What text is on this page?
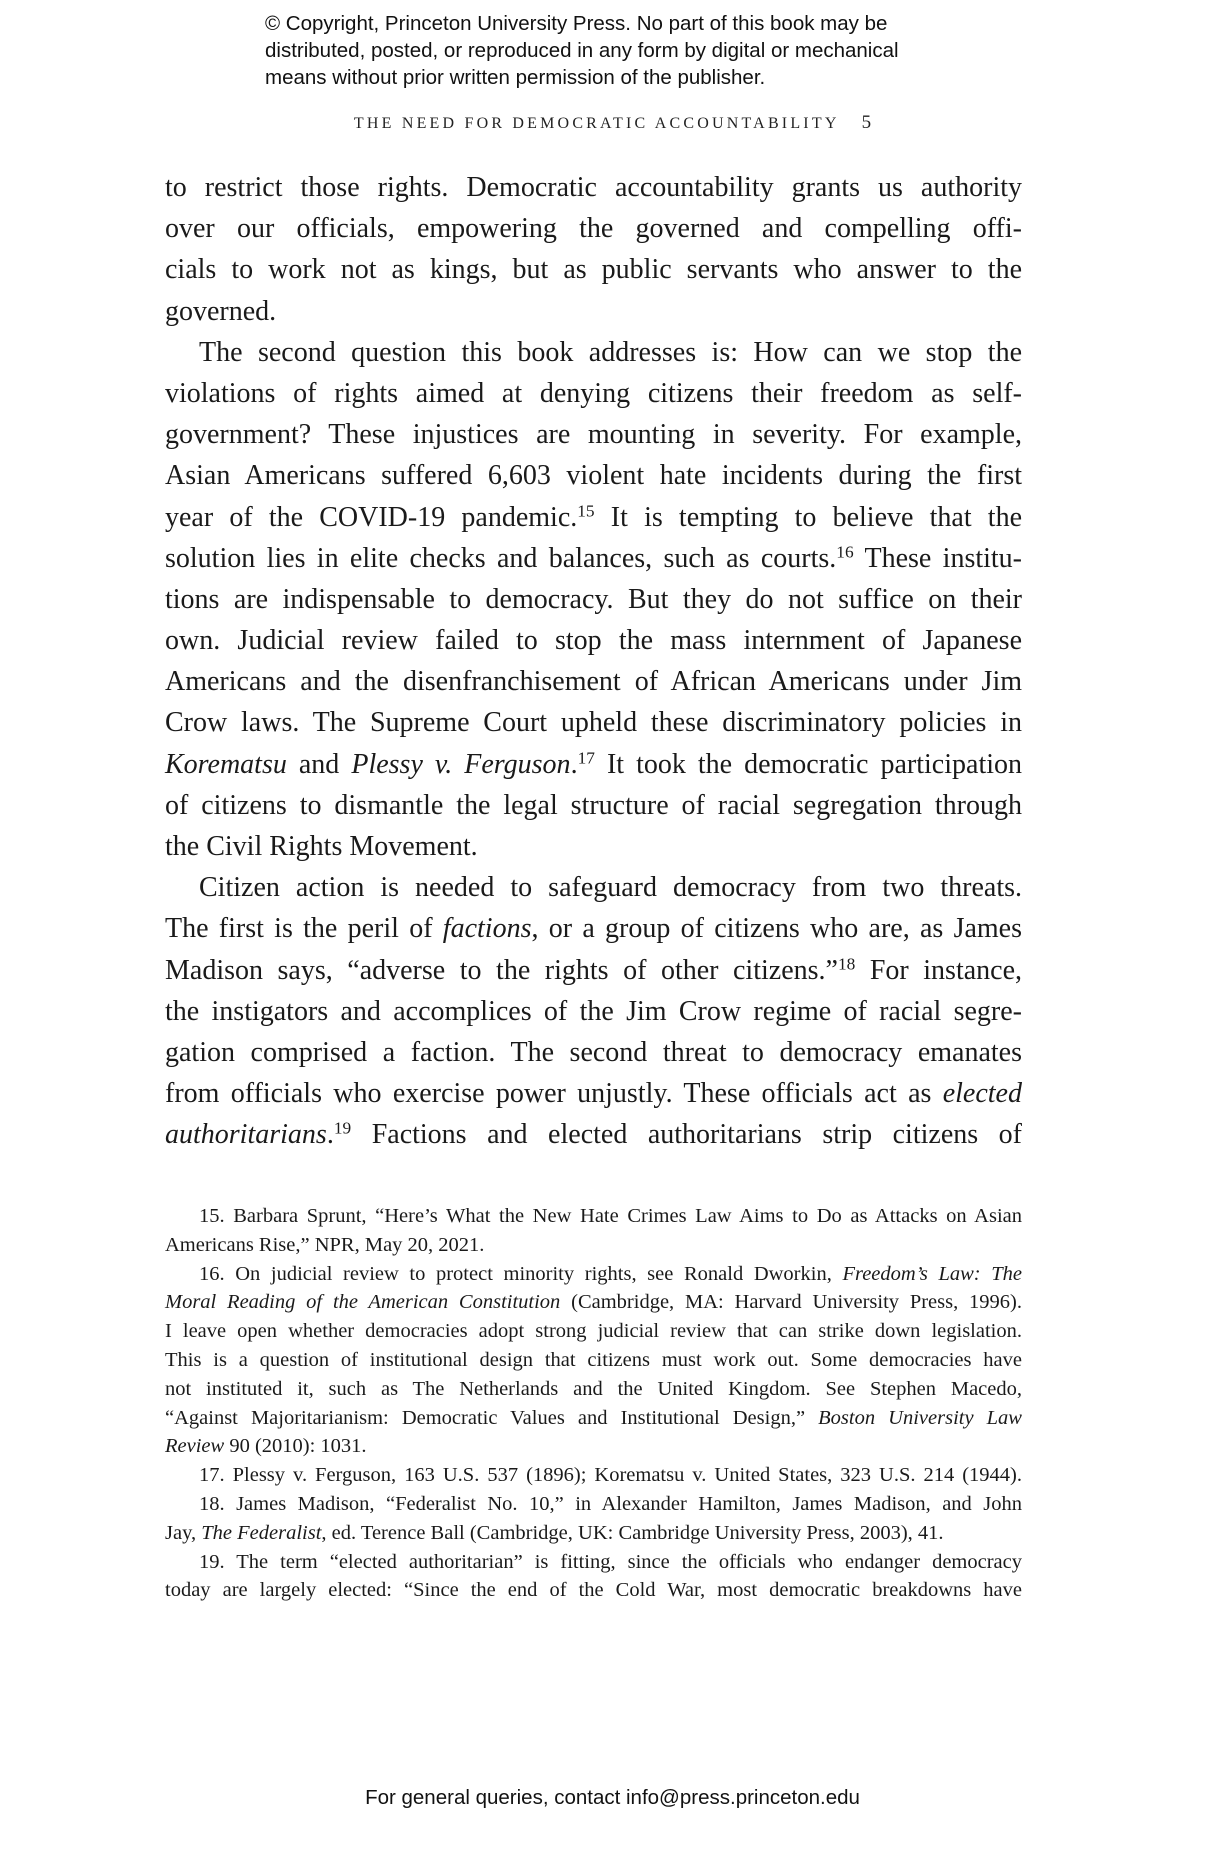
© Copyright, Princeton University Press. No part of this book may be
distributed, posted, or reproduced in any form by digital or mechanical
means without prior written permission of the publisher.
THE NEED FOR DEMOCRATIC ACCOUNTABILITY 5
to restrict those rights. Democratic accountability grants us authority
over our officials, empowering the governed and compelling offi-
cials to work not as kings, but as public servants who answer to the
governed.
The second question this book addresses is: How can we stop the
violations of rights aimed at denying citizens their freedom as self-
government? These injustices are mounting in severity. For example,
Asian Americans suffered 6,603 violent hate incidents during the first
year of the COVID-19 pandemic.$^{15}$ It is tempting to believe that the
solution lies in elite checks and balances, such as courts.$^{16}$ These institu-
tions are indispensable to democracy. But they do not suffice on their
own. Judicial review failed to stop the mass internment of Japanese
Americans and the disenfranchisement of African Americans under Jim
Crow laws. The Supreme Court upheld these discriminatory policies in
Korematsu and Plessy v. Ferguson.$^{17}$ It took the democratic participation
of citizens to dismantle the legal structure of racial segregation through
the Civil Rights Movement.
Citizen action is needed to safeguard democracy from two threats.
The first is the peril of factions, or a group of citizens who are, as James
Madison says, “adverse to the rights of other citizens.”$^{18}$ For instance,
the instigators and accomplices of the Jim Crow regime of racial segre-
gation comprised a faction. The second threat to democracy emanates
from officials who exercise power unjustly. These officials act as elected
authoritarians.$^{19}$ Factions and elected authoritarians strip citizens of
15. Barbara Sprunt, “Here’s What the New Hate Crimes Law Aims to Do as Attacks on Asian
Americans Rise,” NPR, May 20, 2021.
16. On judicial review to protect minority rights, see Ronald Dworkin, Freedom’s Law: The
Moral Reading of the American Constitution (Cambridge, MA: Harvard University Press, 1996).
I leave open whether democracies adopt strong judicial review that can strike down legislation.
This is a question of institutional design that citizens must work out. Some democracies have
not instituted it, such as The Netherlands and the United Kingdom. See Stephen Macedo,
“Against Majoritarianism: Democratic Values and Institutional Design,” Boston University Law
Review 90 (2010): 1031.
17. Plessy v. Ferguson, 163 U.S. 537 (1896); Korematsu v. United States, 323 U.S. 214 (1944).
18. James Madison, “Federalist No. 10,” in Alexander Hamilton, James Madison, and John
Jay, The Federalist, ed. Terence Ball (Cambridge, UK: Cambridge University Press, 2003), 41.
19. The term “elected authoritarian” is fitting, since the officials who endanger democracy
today are largely elected: “Since the end of the Cold War, most democratic breakdowns have
For general queries, contact info@press.princeton.edu
